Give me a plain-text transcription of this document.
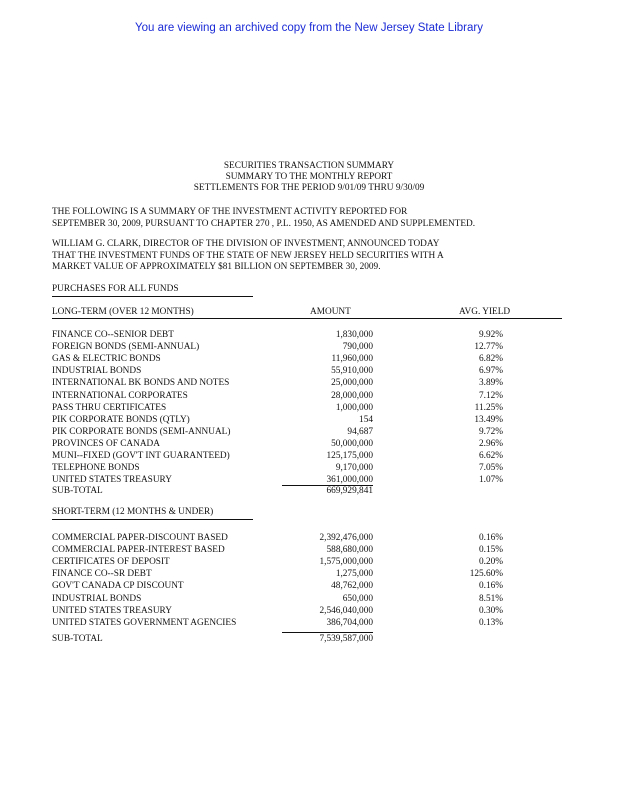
You are viewing an archived copy from the New Jersey State Library
SECURITIES TRANSACTION SUMMARY
SUMMARY TO THE MONTHLY REPORT
SETTLEMENTS FOR THE PERIOD 9/01/09 THRU 9/30/09
THE FOLLOWING IS A SUMMARY OF THE INVESTMENT ACTIVITY REPORTED FOR
SEPTEMBER 30, 2009, PURSUANT TO CHAPTER 270 , P.L. 1950, AS AMENDED AND SUPPLEMENTED.
WILLIAM G. CLARK, DIRECTOR OF THE DIVISION OF INVESTMENT, ANNOUNCED TODAY
THAT THE INVESTMENT FUNDS OF THE STATE OF NEW JERSEY HELD SECURITIES WITH A
MARKET VALUE OF APPROXIMATELY $81 BILLION ON SEPTEMBER 30, 2009.
PURCHASES FOR ALL FUNDS
LONG-TERM (OVER 12 MONTHS)	AMOUNT	AVG. YIELD
FINANCE CO--SENIOR DEBT	1,830,000	9.92%
FOREIGN BONDS (SEMI-ANNUAL)	790,000	12.77%
GAS & ELECTRIC BONDS	11,960,000	6.82%
INDUSTRIAL BONDS	55,910,000	6.97%
INTERNATIONAL BK BONDS AND NOTES	25,000,000	3.89%
INTERNATIONAL CORPORATES	28,000,000	7.12%
PASS THRU CERTIFICATES	1,000,000	11.25%
PIK CORPORATE BONDS (QTLY)	154	13.49%
PIK CORPORATE BONDS (SEMI-ANNUAL)	94,687	9.72%
PROVINCES OF CANADA	50,000,000	2.96%
MUNI--FIXED (GOV'T INT GUARANTEED)	125,175,000	6.62%
TELEPHONE BONDS	9,170,000	7.05%
UNITED STATES TREASURY	361,000,000	1.07%
SUB-TOTAL	669,929,841
SHORT-TERM (12 MONTHS & UNDER)
COMMERCIAL PAPER-DISCOUNT BASED	2,392,476,000	0.16%
COMMERCIAL PAPER-INTEREST BASED	588,680,000	0.15%
CERTIFICATES OF DEPOSIT	1,575,000,000	0.20%
FINANCE CO--SR DEBT	1,275,000	125.60%
GOV'T CANADA CP DISCOUNT	48,762,000	0.16%
INDUSTRIAL BONDS	650,000	8.51%
UNITED STATES TREASURY	2,546,040,000	0.30%
UNITED STATES GOVERNMENT AGENCIES	386,704,000	0.13%
SUB-TOTAL	7,539,587,000
